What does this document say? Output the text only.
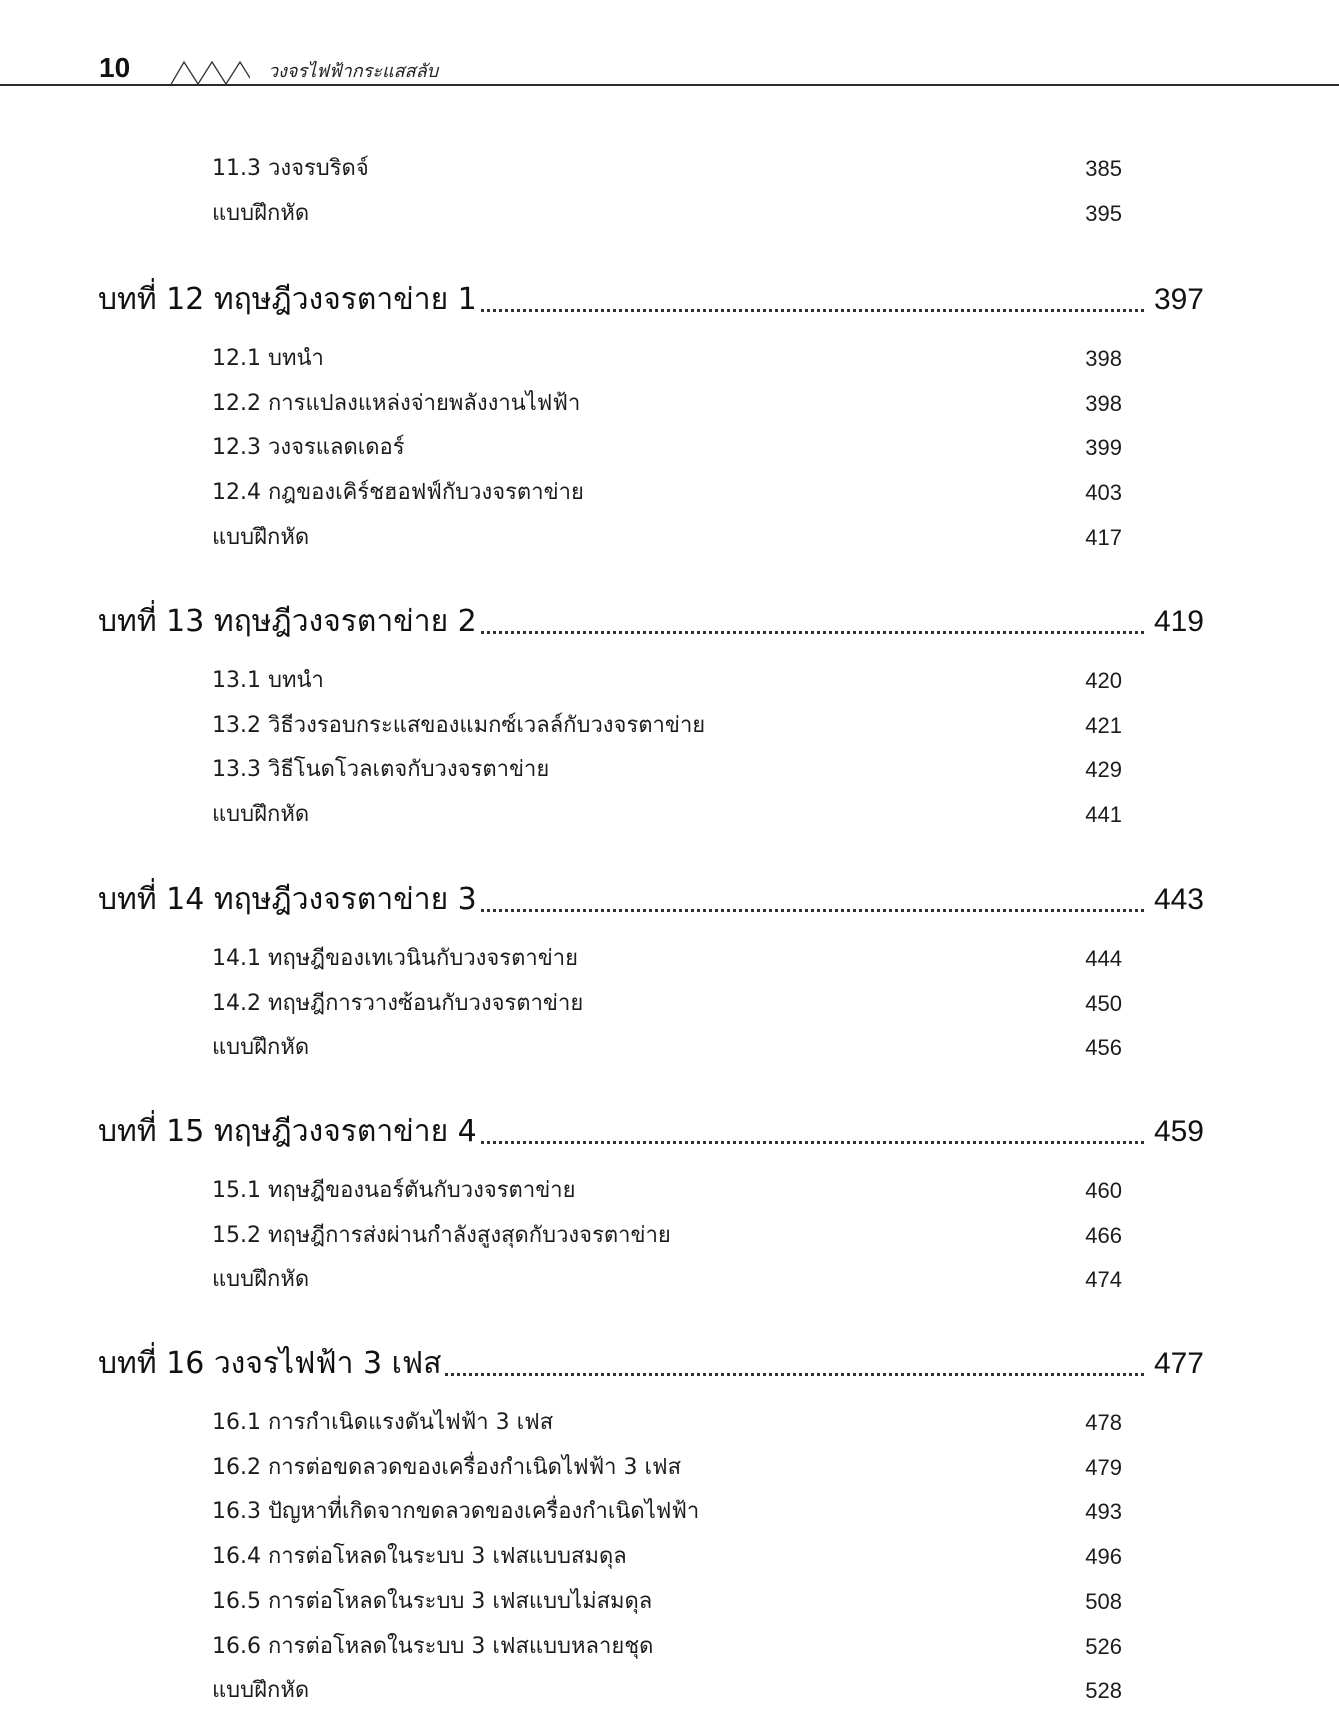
10	วงจรไฟฟ้ากระแสสลับ
11.3 วงจรบริดจ์	385
แบบฝึกหัด	395
บทที่ 12 ทฤษฎีวงจรตาข่าย 1	397
12.1 บทนำ	398
12.2 การแปลงแหล่งจ่ายพลังงานไฟฟ้า	398
12.3 วงจรแลดเดอร์	399
12.4 กฎของเคิร์ชฮอฟฟ์กับวงจรตาข่าย	403
แบบฝึกหัด	417
บทที่ 13 ทฤษฎีวงจรตาข่าย 2	419
13.1 บทนำ	420
13.2 วิธีวงรอบกระแสของแมกซ์เวลล์กับวงจรตาข่าย	421
13.3 วิธีโนดโวลเตจกับวงจรตาข่าย	429
แบบฝึกหัด	441
บทที่ 14 ทฤษฎีวงจรตาข่าย 3	443
14.1 ทฤษฎีของเทเวนินกับวงจรตาข่าย	444
14.2 ทฤษฎีการวางซ้อนกับวงจรตาข่าย	450
แบบฝึกหัด	456
บทที่ 15 ทฤษฎีวงจรตาข่าย 4	459
15.1 ทฤษฎีของนอร์ตันกับวงจรตาข่าย	460
15.2 ทฤษฎีการส่งผ่านกำลังสูงสุดกับวงจรตาข่าย	466
แบบฝึกหัด	474
บทที่ 16 วงจรไฟฟ้า 3 เฟส	477
16.1 การกำเนิดแรงดันไฟฟ้า 3 เฟส	478
16.2 การต่อขดลวดของเครื่องกำเนิดไฟฟ้า 3 เฟส	479
16.3 ปัญหาที่เกิดจากขดลวดของเครื่องกำเนิดไฟฟ้า	493
16.4 การต่อโหลดในระบบ 3 เฟสแบบสมดุล	496
16.5 การต่อโหลดในระบบ 3 เฟสแบบไม่สมดุล	508
16.6 การต่อโหลดในระบบ 3 เฟสแบบหลายชุด	526
แบบฝึกหัด	528
